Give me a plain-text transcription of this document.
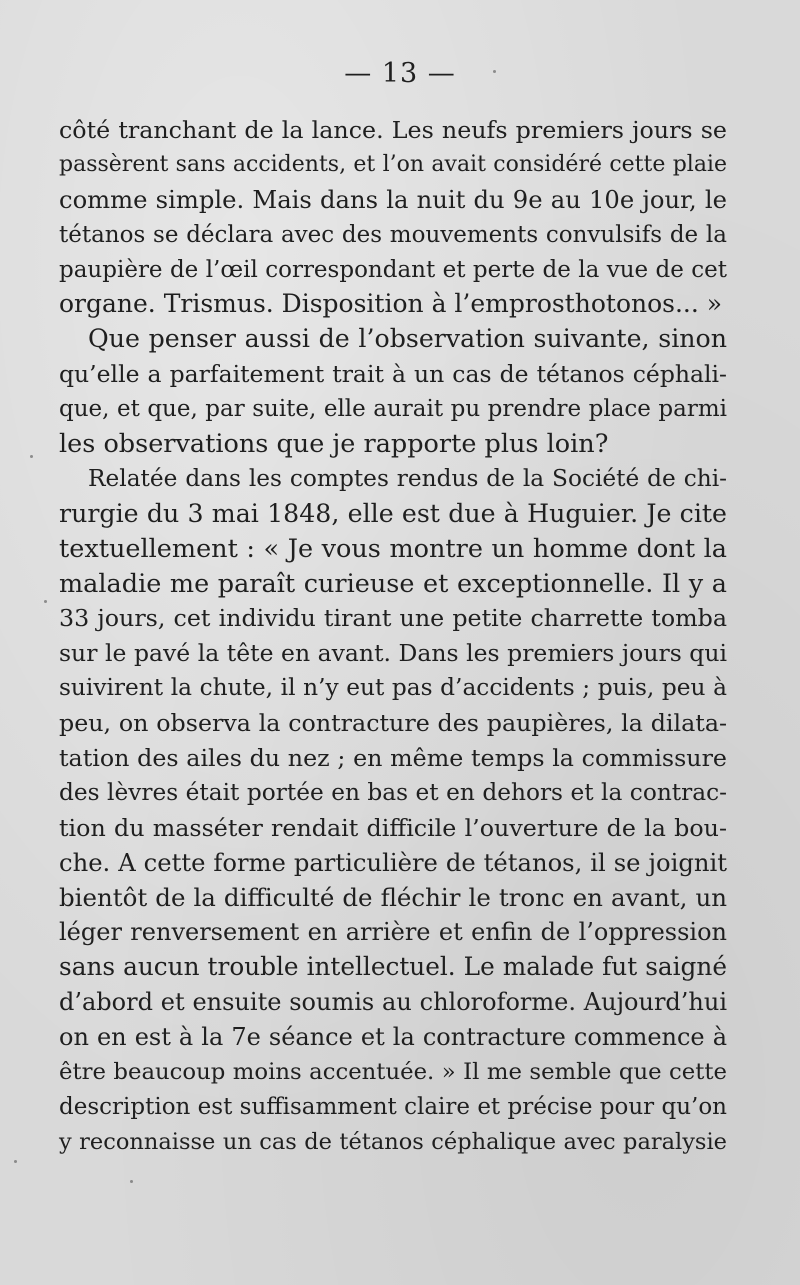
— 13 —
côté tranchant de la lance. Les neufs premiers jours se
passèrent sans accidents, et l’on avait considéré cette plaie
comme simple. Mais dans la nuit du 9e au 10e jour, le
tétanos se déclara avec des mouvements convulsifs de la
paupière de l’œil correspondant et perte de la vue de cet
organe. Trismus. Disposition à l’emprosthotonos... »
Que penser aussi de l’observation suivante, sinon
qu’elle a parfaitement trait à un cas de tétanos céphali-
que, et que, par suite, elle aurait pu prendre place parmi
les observations que je rapporte plus loin?
Relatée dans les comptes rendus de la Société de chi-
rurgie du 3 mai 1848, elle est due à Huguier. Je cite
textuellement : « Je vous montre un homme dont la
maladie me paraît curieuse et exceptionnelle. Il y a
33 jours, cet individu tirant une petite charrette tomba
sur le pavé la tête en avant. Dans les premiers jours qui
suivirent la chute, il n’y eut pas d’accidents ; puis, peu à
peu, on observa la contracture des paupières, la dilata-
tation des ailes du nez ; en même temps la commissure
des lèvres était portée en bas et en dehors et la contrac-
tion du masséter rendait difficile l’ouverture de la bou-
che. A cette forme particulière de tétanos, il se joignit
bientôt de la difficulté de fléchir le tronc en avant, un
léger renversement en arrière et enfin de l’oppression
sans aucun trouble intellectuel. Le malade fut saigné
d’abord et ensuite soumis au chloroforme. Aujourd’hui
on en est à la 7e séance et la contracture commence à
être beaucoup moins accentuée. » Il me semble que cette
description est suffisamment claire et précise pour qu’on
y reconnaisse un cas de tétanos céphalique avec paralysie
